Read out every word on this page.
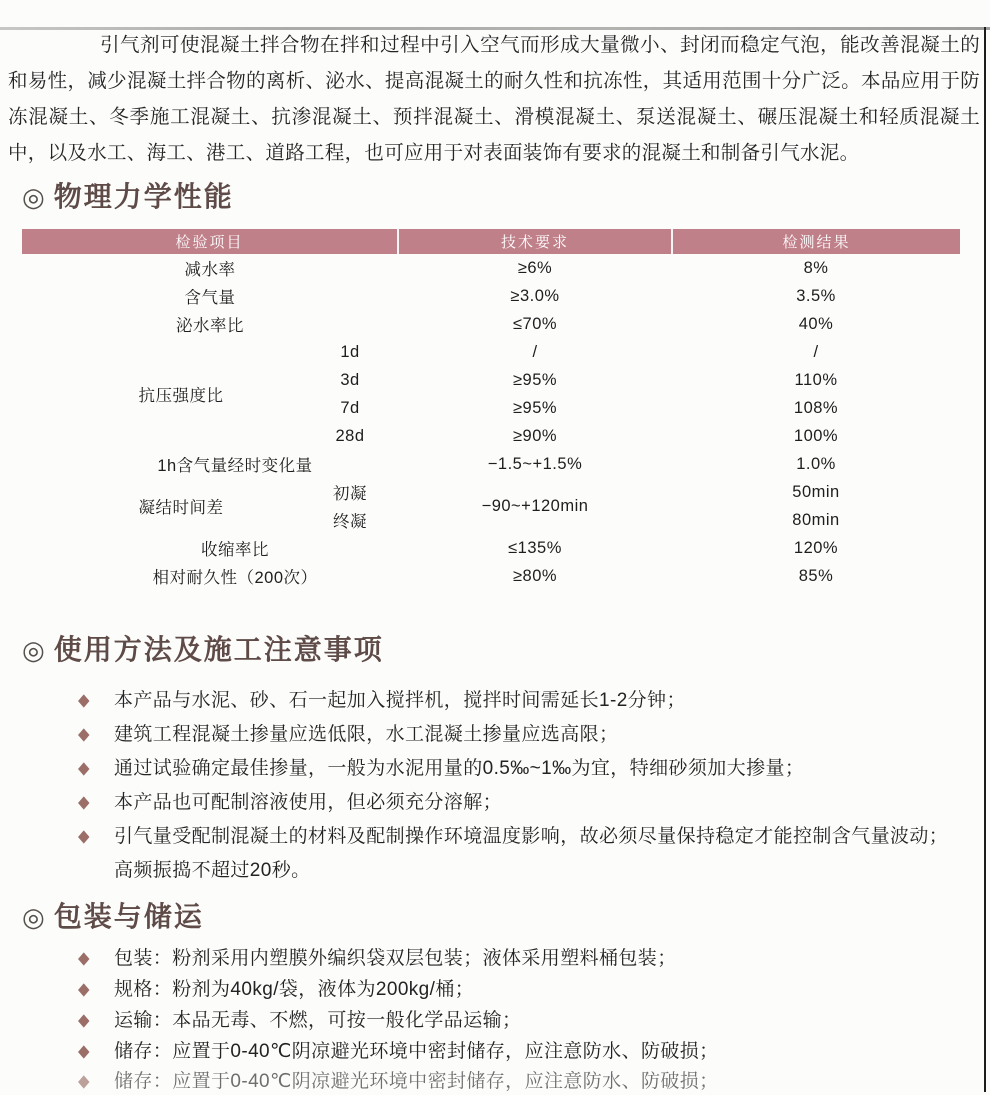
引气剂可使混凝土拌合物在拌和过程中引入空气而形成大量微小、封闭而稳定气泡，能改善混凝土的和易性，减少混凝土拌合物的离析、泌水、提高混凝土的耐久性和抗冻性，其适用范围十分广泛。本品应用于防冻混凝土、冬季施工混凝土、抗渗混凝土、预拌混凝土、滑模混凝土、泵送混凝土、碾压混凝土和轻质混凝土中，以及水工、海工、港工、道路工程，也可应用于对表面装饰有要求的混凝土和制备引气水泥。

◎ 物理力学性能
检验项目		技术要求	检测结果
减水率		≥6%	8%
含气量		≥3.0%	3.5%
泌水率比		≤70%	40%
抗压强度比	1d	/	/
	3d	≥95%	110%
	7d	≥95%	108%
	28d	≥90%	100%
1h含气量经时变化量		−1.5~+1.5%	1.0%
凝结时间差	初凝	−90~+120min	50min
	终凝		80min
收缩率比		≤135%	120%
相对耐久性（200次）		≥80%	85%
◎ 使用方法及施工注意事项
◆	本产品与水泥、砂、石一起加入搅拌机，搅拌时间需延长1-2分钟；
◆	建筑工程混凝土掺量应选低限，水工混凝土掺量应选高限；
◆	通过试验确定最佳掺量，一般为水泥用量的0.5‰~1‰为宜，特细砂须加大掺量；
◆	本产品也可配制溶液使用，但必须充分溶解；
◆	引气量受配制混凝土的材料及配制操作环境温度影响，故必须尽量保持稳定才能控制含气量波动；
高频振捣不超过20秒。
◎ 包装与储运
◆	包装：粉剂采用内塑膜外编织袋双层包装；液体采用塑料桶包装；
◆	规格：粉剂为40kg/袋，液体为200kg/桶；
◆	运输：本品无毒、不燃，可按一般化学品运输；
◆	储存：应置于0-40℃阴凉避光环境中密封储存，应注意防水、防破损；
◆	储存：应置于0-40℃阴凉避光环境中密封储存，应注意防水、防破损；
